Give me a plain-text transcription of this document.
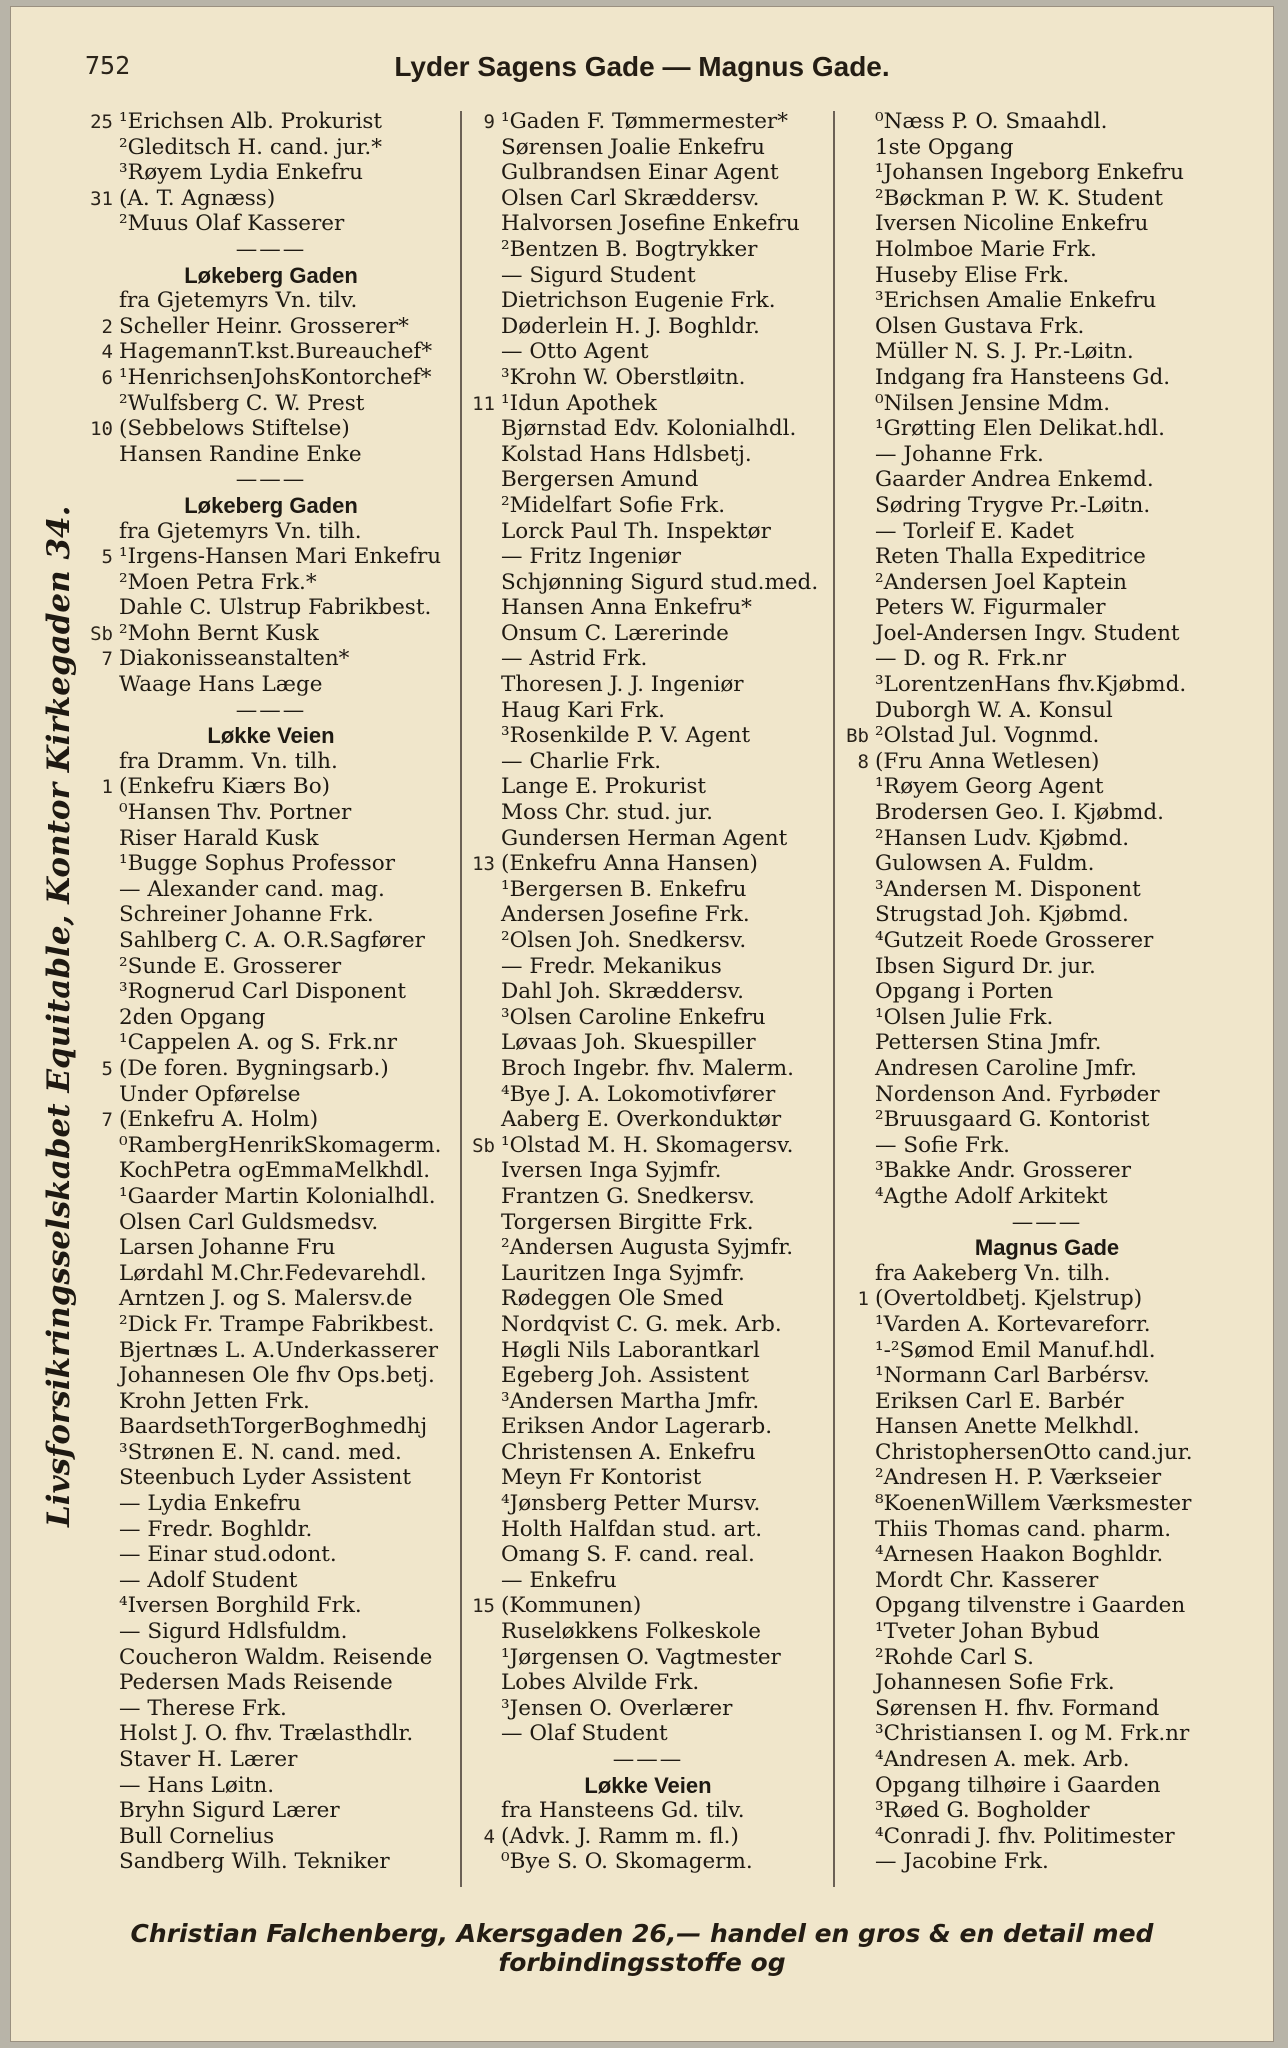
Lyder Sagens Gade — Magnus Gade.
752
25 ¹Erichsen Alb. Prokurist
²Gleditsch H. cand. jur.*
³Røyem Lydia Enkefru
31 (A. T. Agnæss)
²Muus Olaf Kasserer
———
Løkeberg Gaden
fra Gjetemyrs Vn. tilv.
2 Scheller Heinr. Grosserer*
4 HagemannT.kst.Bureauchef*
6 ¹HenrichsenJohsKontorchef*
²Wulfsberg C. W. Prest
10 (Sebbelows Stiftelse)
Hansen Randine Enke
———
Løkeberg Gaden
fra Gjetemyrs Vn. tilh.
5 ¹Irgens-Hansen Mari Enkefru
²Moen Petra Frk.*
Dahle C. Ulstrup Fabrikbest.
Sb ²Mohn Bernt Kusk
7 Diakonisseanstalten*
Waage Hans Læge
———
Løkke Veien
fra Dramm. Vn. tilh.
1 (Enkefru Kiærs Bo)
⁰Hansen Thv. Portner
Riser Harald Kusk
¹Bugge Sophus Professor
— Alexander cand. mag.
Schreiner Johanne Frk.
Sahlberg C. A. O.R.Sagfører
²Sunde E. Grosserer
³Rognerud Carl Disponent
2den Opgang
¹Cappelen A. og S. Frk.nr
5 (De foren. Bygningsarb.)
Under Opførelse
7 (Enkefru A. Holm)
⁰RambergHenrikSkomagerm.
KochPetra ogEmmaMelkhdl.
¹Gaarder Martin Kolonialhdl.
Olsen Carl Guldsmedsv.
Larsen Johanne Fru
Lørdahl M.Chr.Fedevarehdl.
Arntzen J. og S. Malersv.de
²Dick Fr. Trampe Fabrikbest.
Bjertnæs L. A.Underkasserer
Johannesen Ole fhv Ops.betj.
Krohn Jetten Frk.
BaardsethTorgerBoghmedhj
³Strønen E. N. cand. med.
Steenbuch Lyder Assistent
— Lydia Enkefru
— Fredr. Boghldr.
— Einar stud.odont.
— Adolf Student
⁴Iversen Borghild Frk.
— Sigurd Hdlsfuldm.
Coucheron Waldm. Reisende
Pedersen Mads Reisende
— Therese Frk.
Holst J. O. fhv. Trælasthdlr.
Staver H. Lærer
— Hans Løitn.
Bryhn Sigurd Lærer
Bull Cornelius
Sandberg Wilh. Tekniker
9 ¹Gaden F. Tømmermester*
Sørensen Joalie Enkefru
Gulbrandsen Einar Agent
Olsen Carl Skræddersv.
Halvorsen Josefine Enkefru
²Bentzen B. Bogtrykker
— Sigurd Student
Dietrichson Eugenie Frk.
Døderlein H. J. Boghldr.
— Otto Agent
³Krohn W. Oberstløitn.
11 ¹Idun Apothek
Bjørnstad Edv. Kolonialhdl.
Kolstad Hans Hdlsbetj.
Bergersen Amund
²Midelfart Sofie Frk.
Lorck Paul Th. Inspektør
— Fritz Ingeniør
Schjønning Sigurd stud.med.
Hansen Anna Enkefru*
Onsum C. Lærerinde
— Astrid Frk.
Thoresen J. J. Ingeniør
Haug Kari Frk.
³Rosenkilde P. V. Agent
— Charlie Frk.
Lange E. Prokurist
Moss Chr. stud. jur.
Gundersen Herman Agent
13 (Enkefru Anna Hansen)
¹Bergersen B. Enkefru
Andersen Josefine Frk.
²Olsen Joh. Snedkersv.
— Fredr. Mekanikus
Dahl Joh. Skræddersv.
³Olsen Caroline Enkefru
Løvaas Joh. Skuespiller
Broch Ingebr. fhv. Malerm.
⁴Bye J. A. Lokomotivfører
Aaberg E. Overkonduktør
Sb ¹Olstad M. H. Skomagersv.
Iversen Inga Syjmfr.
Frantzen G. Snedkersv.
Torgersen Birgitte Frk.
²Andersen Augusta Syjmfr.
Lauritzen Inga Syjmfr.
Rødeggen Ole Smed
Nordqvist C. G. mek. Arb.
Høgli Nils Laborantkarl
Egeberg Joh. Assistent
³Andersen Martha Jmfr.
Eriksen Andor Lagerarb.
Christensen A. Enkefru
Meyn Fr Kontorist
⁴Jønsberg Petter Mursv.
Holth Halfdan stud. art.
Omang S. F. cand. real.
— Enkefru
15 (Kommunen)
Ruseløkkens Folkeskole
¹Jørgensen O. Vagtmester
Lobes Alvilde Frk.
³Jensen O. Overlærer
— Olaf Student
———
Løkke Veien
fra Hansteens Gd. tilv.
4 (Advk. J. Ramm m. fl.)
⁰Bye S. O. Skomagerm.
⁰Næss P. O. Smaahdl.
1ste Opgang
¹Johansen Ingeborg Enkefru
²Bøckman P. W. K. Student
Iversen Nicoline Enkefru
Holmboe Marie Frk.
Huseby Elise Frk.
³Erichsen Amalie Enkefru
Olsen Gustava Frk.
Müller N. S. J. Pr.-Løitn.
Indgang fra Hansteens Gd.
⁰Nilsen Jensine Mdm.
¹Grøtting Elen Delikat.hdl.
— Johanne Frk.
Gaarder Andrea Enkemd.
Sødring Trygve Pr.-Løitn.
— Torleif E. Kadet
Reten Thalla Expeditrice
²Andersen Joel Kaptein
Peters W. Figurmaler
Joel-Andersen Ingv. Student
— D. og R. Frk.nr
³LorentzenHans fhv.Kjøbmd.
Duborgh W. A. Konsul
Bb ²Olstad Jul. Vognmd.
8 (Fru Anna Wetlesen)
¹Røyem Georg Agent
Brodersen Geo. I. Kjøbmd.
²Hansen Ludv. Kjøbmd.
Gulowsen A. Fuldm.
³Andersen M. Disponent
Strugstad Joh. Kjøbmd.
⁴Gutzeit Roede Grosserer
Ibsen Sigurd Dr. jur.
Opgang i Porten
¹Olsen Julie Frk.
Pettersen Stina Jmfr.
Andresen Caroline Jmfr.
Nordenson And. Fyrbøder
²Bruusgaard G. Kontorist
— Sofie Frk.
³Bakke Andr. Grosserer
⁴Agthe Adolf Arkitekt
———
Magnus Gade
fra Aakeberg Vn. tilh.
1 (Overtoldbetj. Kjelstrup)
¹Varden A. Kortevareforr.
¹-²Sømod Emil Manuf.hdl.
¹Normann Carl Barbérsv.
Eriksen Carl E. Barbér
Hansen Anette Melkhdl.
ChristophersenOtto cand.jur.
²Andresen H. P. Værkseier
⁸KoenenWillem Værksmester
Thiis Thomas cand. pharm.
⁴Arnesen Haakon Boghldr.
Mordt Chr. Kasserer
Opgang tilvenstre i Gaarden
¹Tveter Johan Bybud
²Rohde Carl S.
Johannesen Sofie Frk.
Sørensen H. fhv. Formand
³Christiansen I. og M. Frk.nr
⁴Andresen A. mek. Arb.
Opgang tilhøire i Gaarden
³Røed G. Bogholder
⁴Conradi J. fhv. Politimester
— Jacobine Frk.
Livsforsikringsselskabet Equitable, Kontor Kirkegaden 34.
Christian Falchenberg, Akersgaden 26,— handel en gros & en detail med forbindingsstoffe og
